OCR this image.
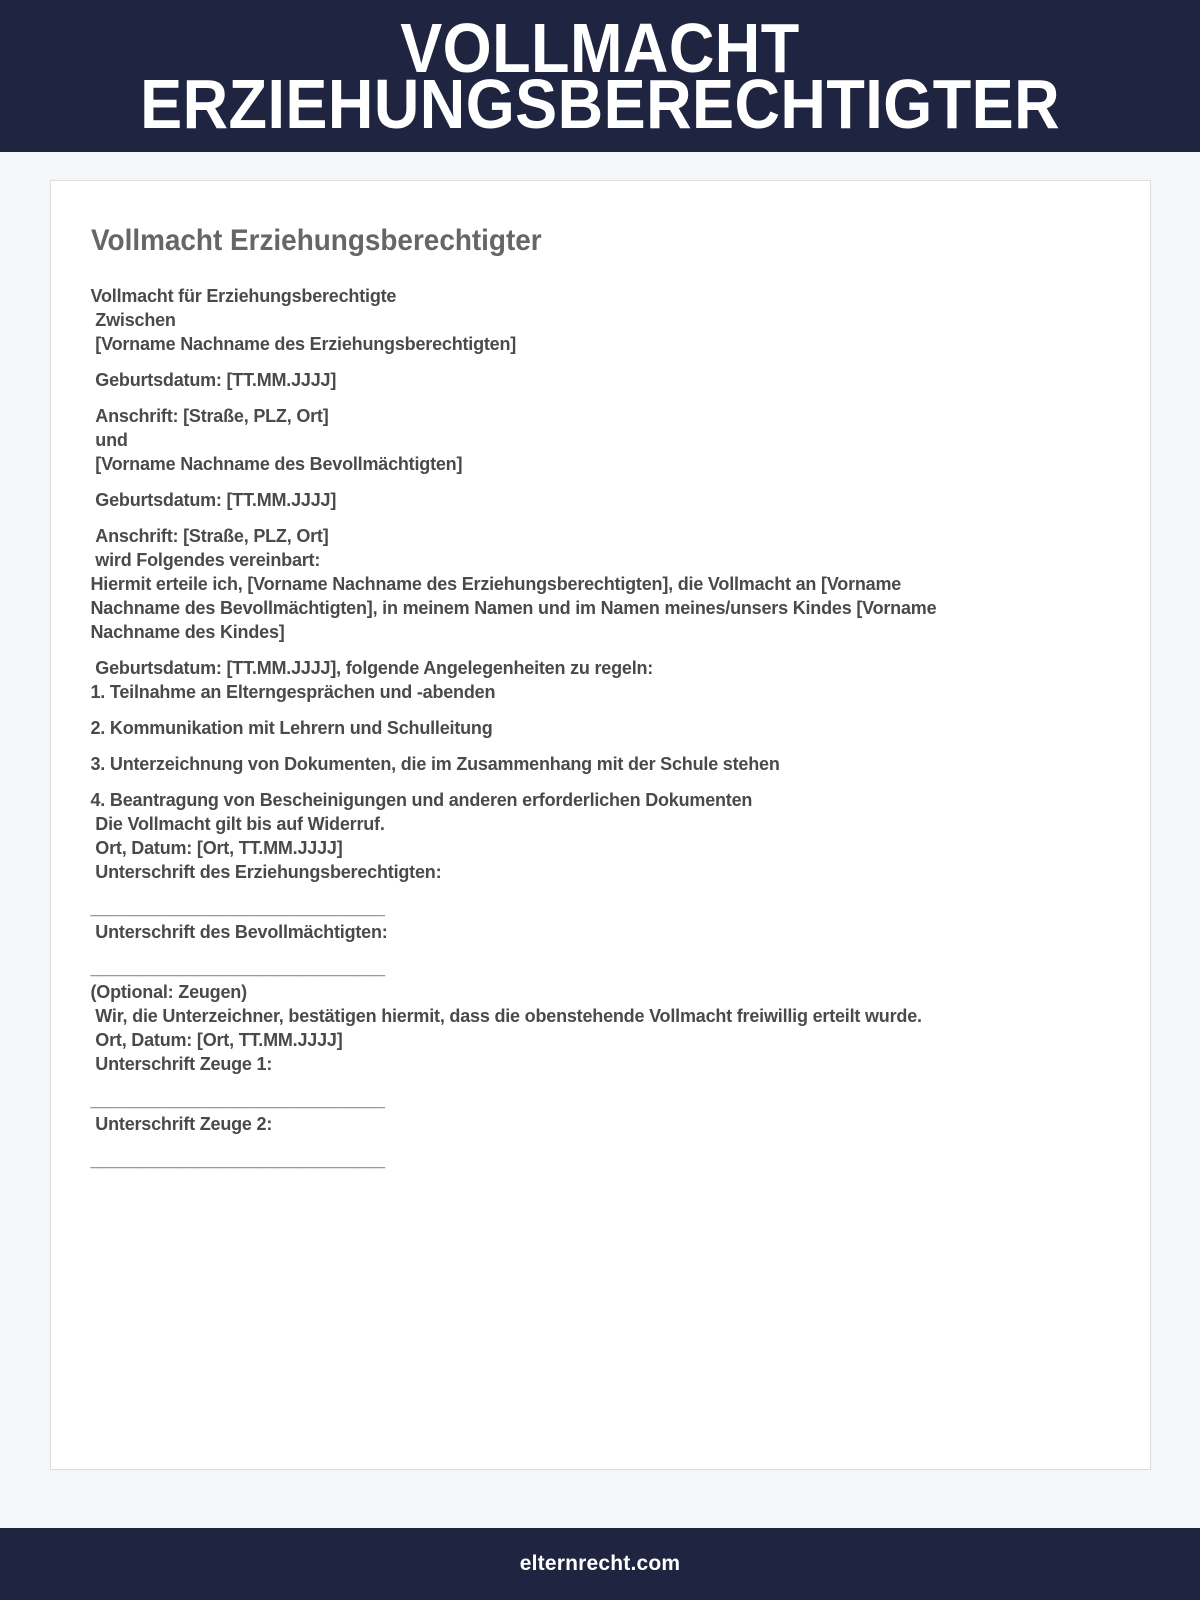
VOLLMACHT
ERZIEHUNGSBERECHTIGTER
Vollmacht Erziehungsberechtigter

Vollmacht für Erziehungsberechtigte
Zwischen
[Vorname Nachname des Erziehungsberechtigten]

Geburtsdatum: [TT.MM.JJJJ]

Anschrift: [Straße, PLZ, Ort]
und
[Vorname Nachname des Bevollmächtigten]

Geburtsdatum: [TT.MM.JJJJ]

Anschrift: [Straße, PLZ, Ort]
wird Folgendes vereinbart:
Hiermit erteile ich, [Vorname Nachname des Erziehungsberechtigten], die Vollmacht an [Vorname
Nachname des Bevollmächtigten], in meinem Namen und im Namen meines/unsers Kindes [Vorname
Nachname des Kindes]

Geburtsdatum: [TT.MM.JJJJ], folgende Angelegenheiten zu regeln:
1. Teilnahme an Elterngesprächen und -abenden

2. Kommunikation mit Lehrern und Schulleitung

3. Unterzeichnung von Dokumenten, die im Zusammenhang mit der Schule stehen

4. Beantragung von Bescheinigungen und anderen erforderlichen Dokumenten
Die Vollmacht gilt bis auf Widerruf.
Ort, Datum: [Ort, TT.MM.JJJJ]
Unterschrift des Erziehungsberechtigten:

______________________________
Unterschrift des Bevollmächtigten:

______________________________
(Optional: Zeugen)
Wir, die Unterzeichner, bestätigen hiermit, dass die obenstehende Vollmacht freiwillig erteilt wurde.
Ort, Datum: [Ort, TT.MM.JJJJ]
Unterschrift Zeuge 1:

______________________________
Unterschrift Zeuge 2:

______________________________

elternrecht.com
